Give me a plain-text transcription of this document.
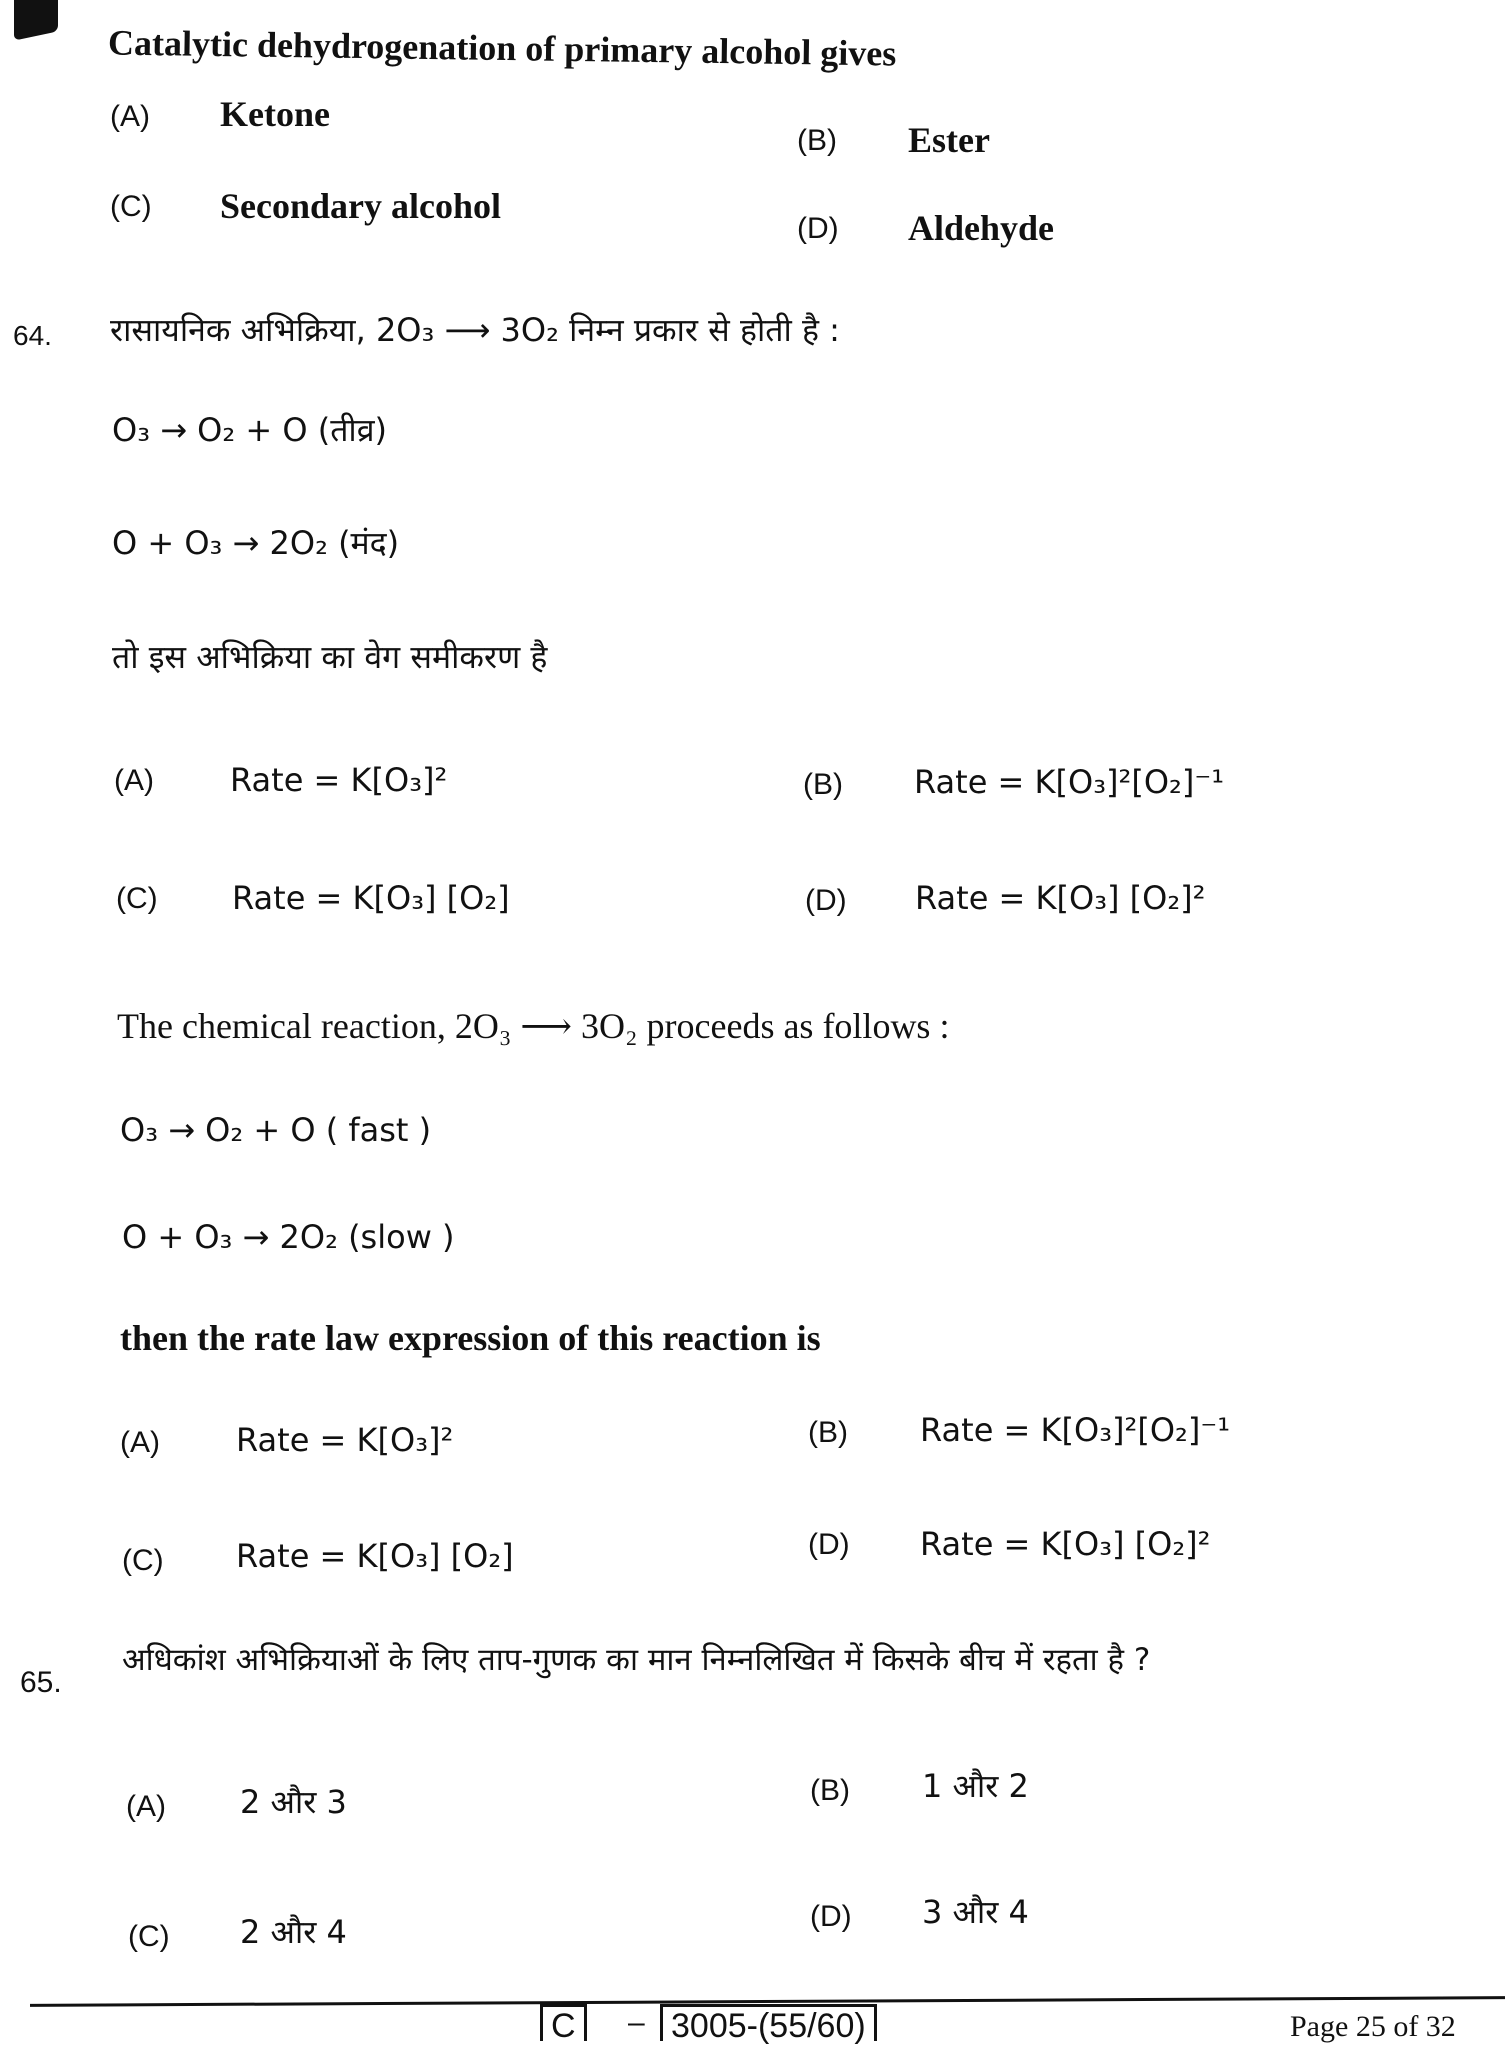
Catalytic dehydrogenation of primary alcohol gives
(A) Ketone
(B) Ester
(C) Secondary alcohol
(D) Aldehyde
64. रासायनिक अभिक्रिया, 2O₃ ⟶ 3O₂ निम्न प्रकार से होती है :
O₃ → O₂ + O (तीव्र)
O + O₃ → 2O₂ (मंद)
तो इस अभिक्रिया का वेग समीकरण है
(A) Rate = K[O₃]²	(B) Rate = K[O₃]²[O₂]⁻¹
(C) Rate = K[O₃] [O₂]	(D) Rate = K[O₃] [O₂]²
The chemical reaction, 2O₃ ⟶ 3O₂ proceeds as follows :
O₃ → O₂ + O ( fast )
O + O₃ → 2O₂ (slow )
then the rate law expression of this reaction is
(A) Rate = K[O₃]²	(B) Rate = K[O₃]²[O₂]⁻¹
(C) Rate = K[O₃] [O₂]	(D) Rate = K[O₃] [O₂]²
65.
अधिकांश अभिक्रियाओं के लिए ताप-गुणक का मान निम्नलिखित में किसके बीच में रहता है ?
(A) 2 और 3	(B) 1 और 2
(C) 2 और 4	(D) 3 और 4
C	– 3005-(55/60)	Page 25 of 32
